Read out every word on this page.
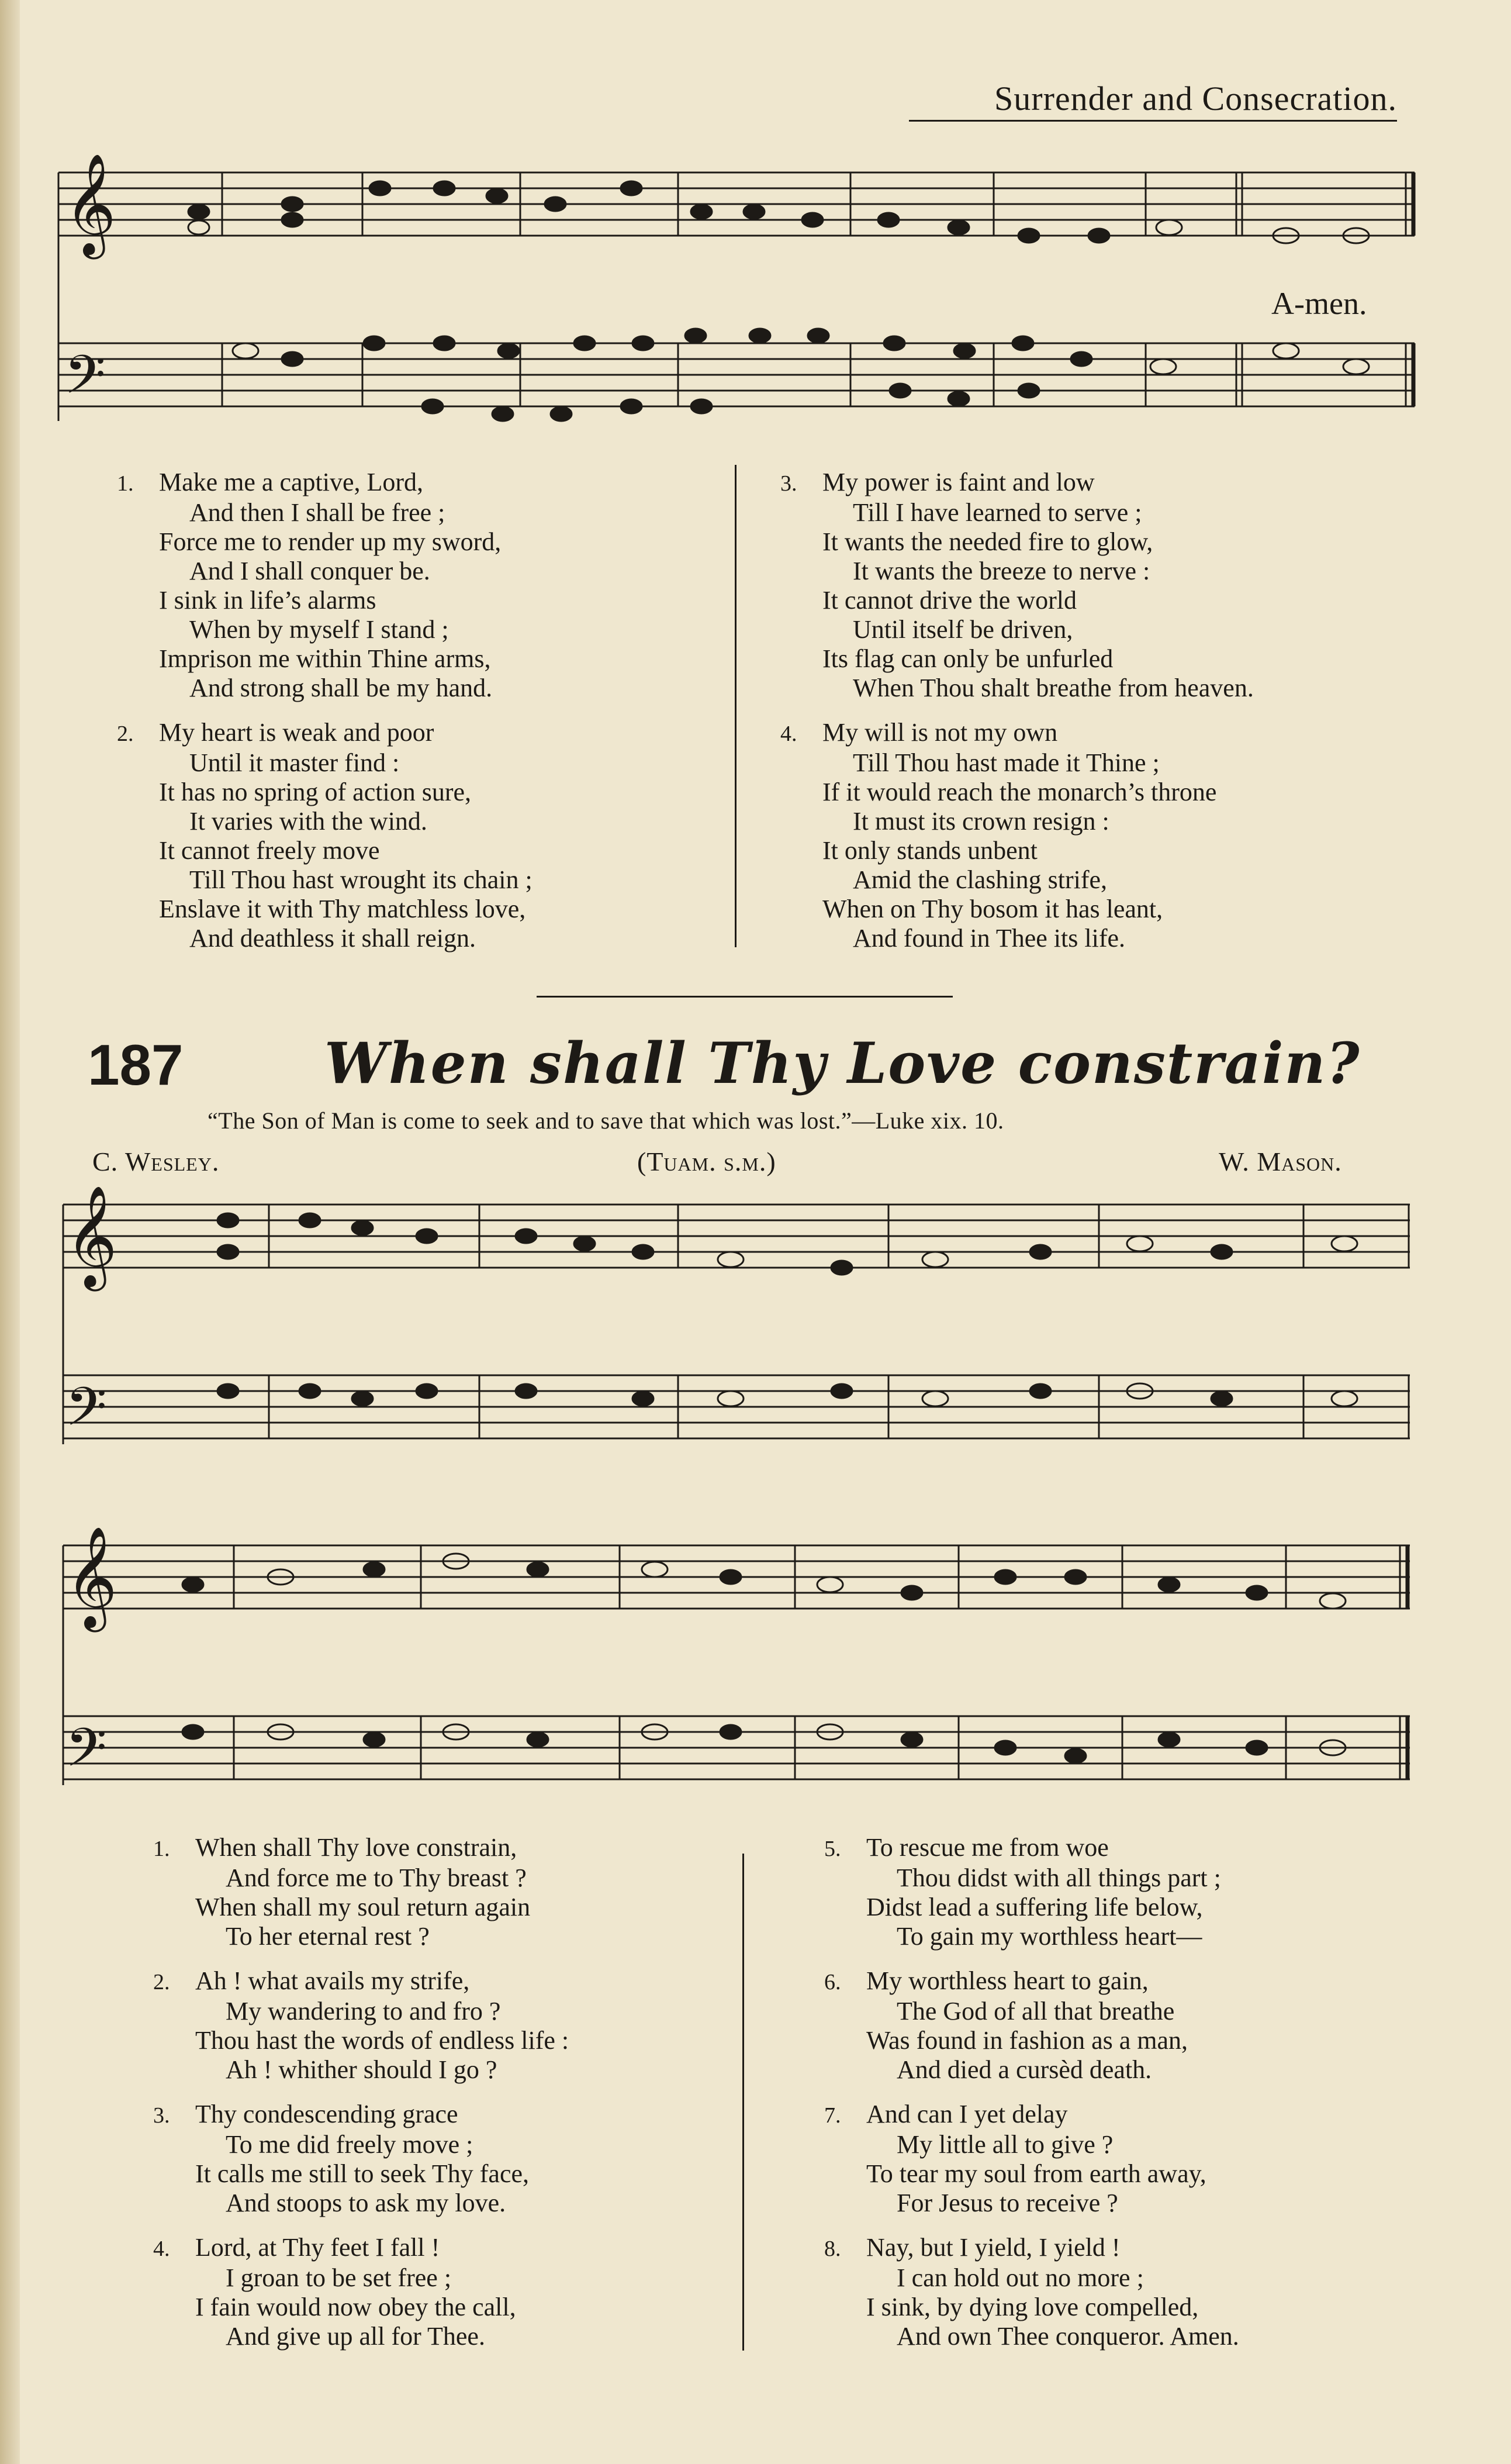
Surrender and Consecration.
𝄞
𝄢
A-men.
1. Make me a captive, Lord,
And then I shall be free ;
Force me to render up my sword,
And I shall conquer be.
I sink in life’s alarms
When by myself I stand ;
Imprison me within Thine arms,
And strong shall be my hand.
2. My heart is weak and poor
Until it master find :
It has no spring of action sure,
It varies with the wind.
It cannot freely move
Till Thou hast wrought its chain ;
Enslave it with Thy matchless love,
And deathless it shall reign.
3. My power is faint and low
Till I have learned to serve ;
It wants the needed fire to glow,
It wants the breeze to nerve :
It cannot drive the world
Until itself be driven,
Its flag can only be unfurled
When Thou shalt breathe from heaven.
4. My will is not my own
Till Thou hast made it Thine ;
If it would reach the monarch’s throne
It must its crown resign :
It only stands unbent
Amid the clashing strife,
When on Thy bosom it has leant,
And found in Thee its life.
187	When shall Thy Love constrain?
“The Son of Man is come to seek and to save that which was lost.”—Luke xix. 10.
C. Wesley.	(Tuam. s.m.)	W. Mason.
𝄞
𝄢
𝄞
𝄢
1. When shall Thy love constrain,
And force me to Thy breast ?
When shall my soul return again
To her eternal rest ?
2. Ah ! what avails my strife,
My wandering to and fro ?
Thou hast the words of endless life :
Ah ! whither should I go ?
3. Thy condescending grace
To me did freely move ;
It calls me still to seek Thy face,
And stoops to ask my love.
4. Lord, at Thy feet I fall !
I groan to be set free ;
I fain would now obey the call,
And give up all for Thee.
5. To rescue me from woe
Thou didst with all things part ;
Didst lead a suffering life below,
To gain my worthless heart—
6. My worthless heart to gain,
The God of all that breathe
Was found in fashion as a man,
And died a cursèd death.
7. And can I yet delay
My little all to give ?
To tear my soul from earth away,
For Jesus to receive ?
8. Nay, but I yield, I yield !
I can hold out no more ;
I sink, by dying love compelled,
And own Thee conqueror. Amen.
